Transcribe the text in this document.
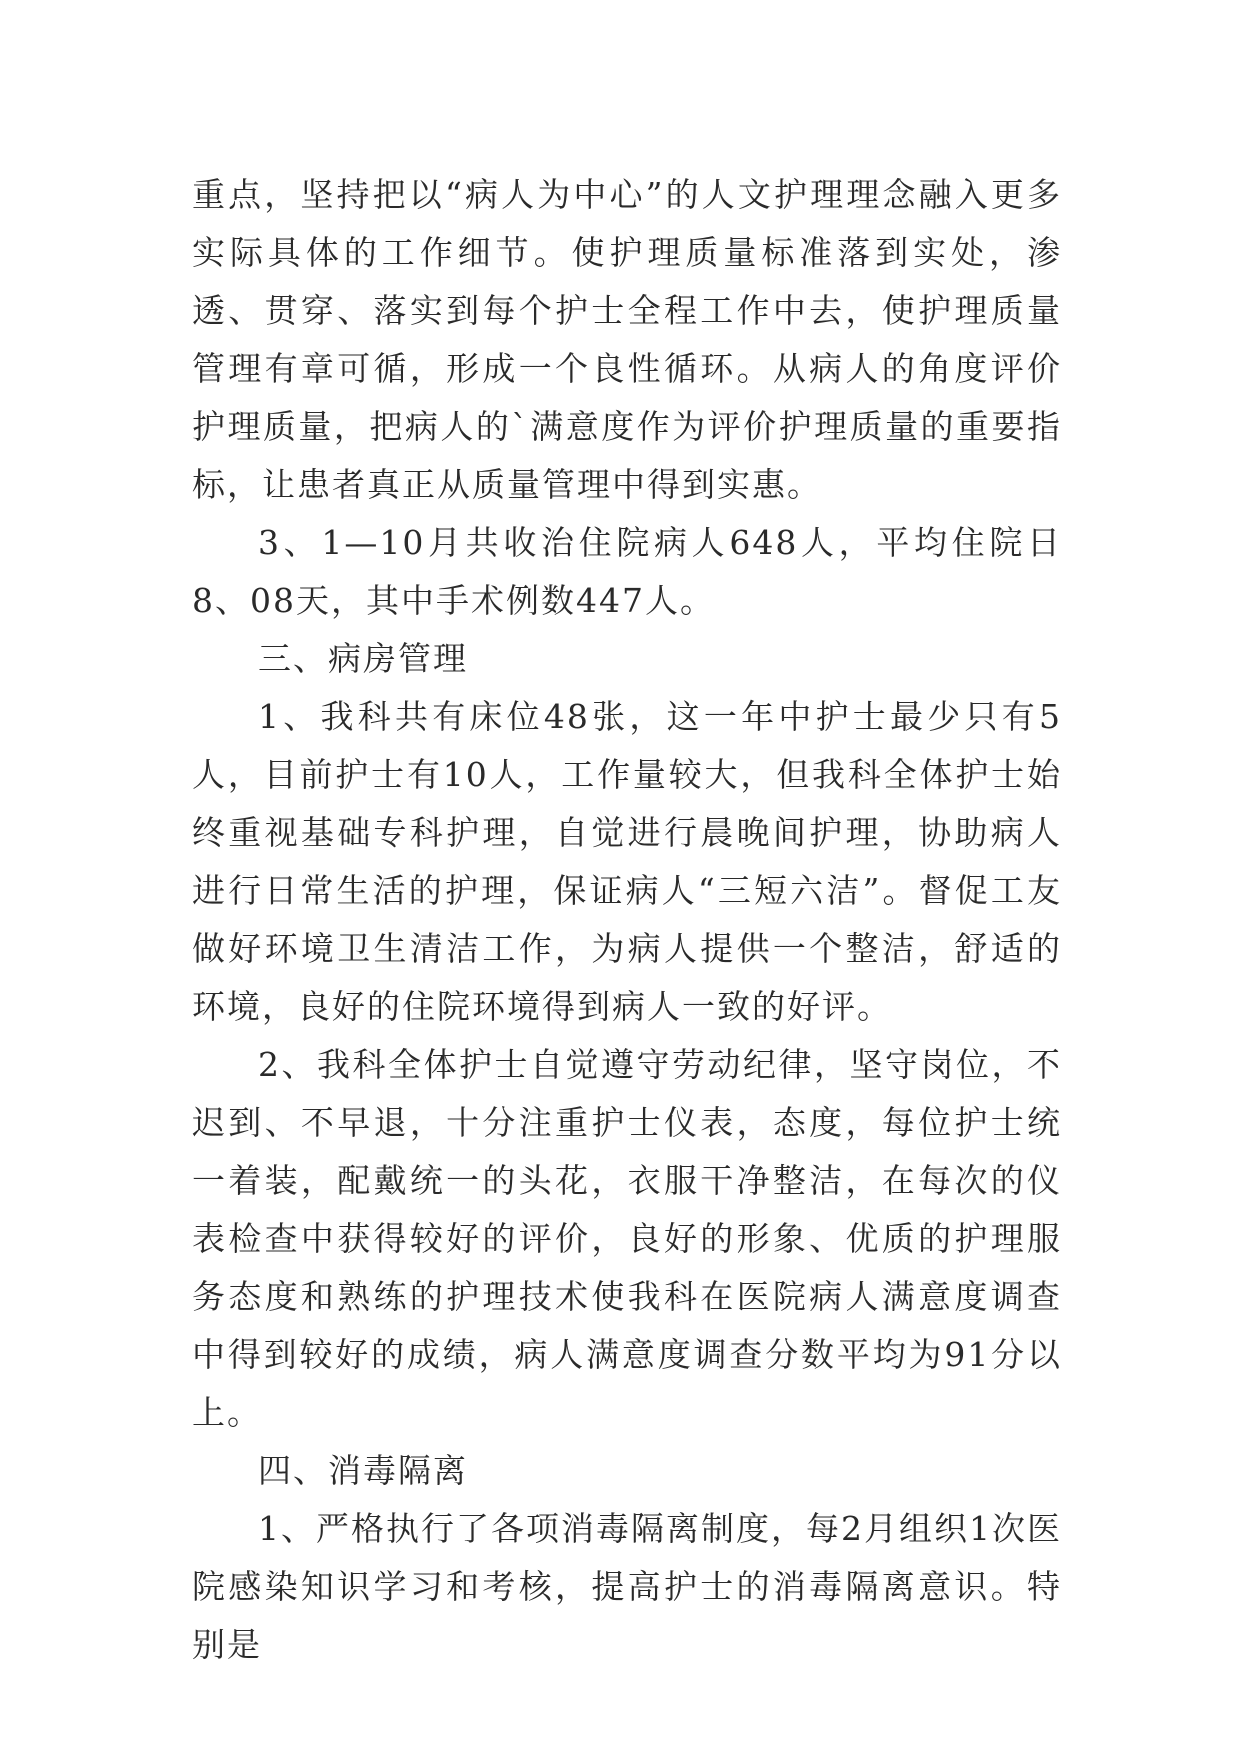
重点，坚持把以“病人为中心”的人文护理理念融入更多实际具体的工作细节。使护理质量标准落到实处，渗透、贯穿、落实到每个护士全程工作中去，使护理质量管理有章可循，形成一个良性循环。从病人的角度评价护理质量，把病人的`满意度作为评价护理质量的重要指标，让患者真正从质量管理中得到实惠。

3、1—10月共收治住院病人648人，平均住院日8、08天，其中手术例数447人。

三、病房管理

1、我科共有床位48张，这一年中护士最少只有5人，目前护士有10人，工作量较大，但我科全体护士始终重视基础专科护理，自觉进行晨晚间护理，协助病人进行日常生活的护理，保证病人“三短六洁”。督促工友做好环境卫生清洁工作，为病人提供一个整洁，舒适的环境，良好的住院环境得到病人一致的好评。

2、我科全体护士自觉遵守劳动纪律，坚守岗位，不迟到、不早退，十分注重护士仪表，态度，每位护士统一着装，配戴统一的头花，衣服干净整洁，在每次的仪表检查中获得较好的评价，良好的形象、优质的护理服务态度和熟练的护理技术使我科在医院病人满意度调查中得到较好的成绩，病人满意度调查分数平均为91分以上。

四、消毒隔离

1、严格执行了各项消毒隔离制度，每2月组织1次医院感染知识学习和考核，提高护士的消毒隔离意识。特别是
